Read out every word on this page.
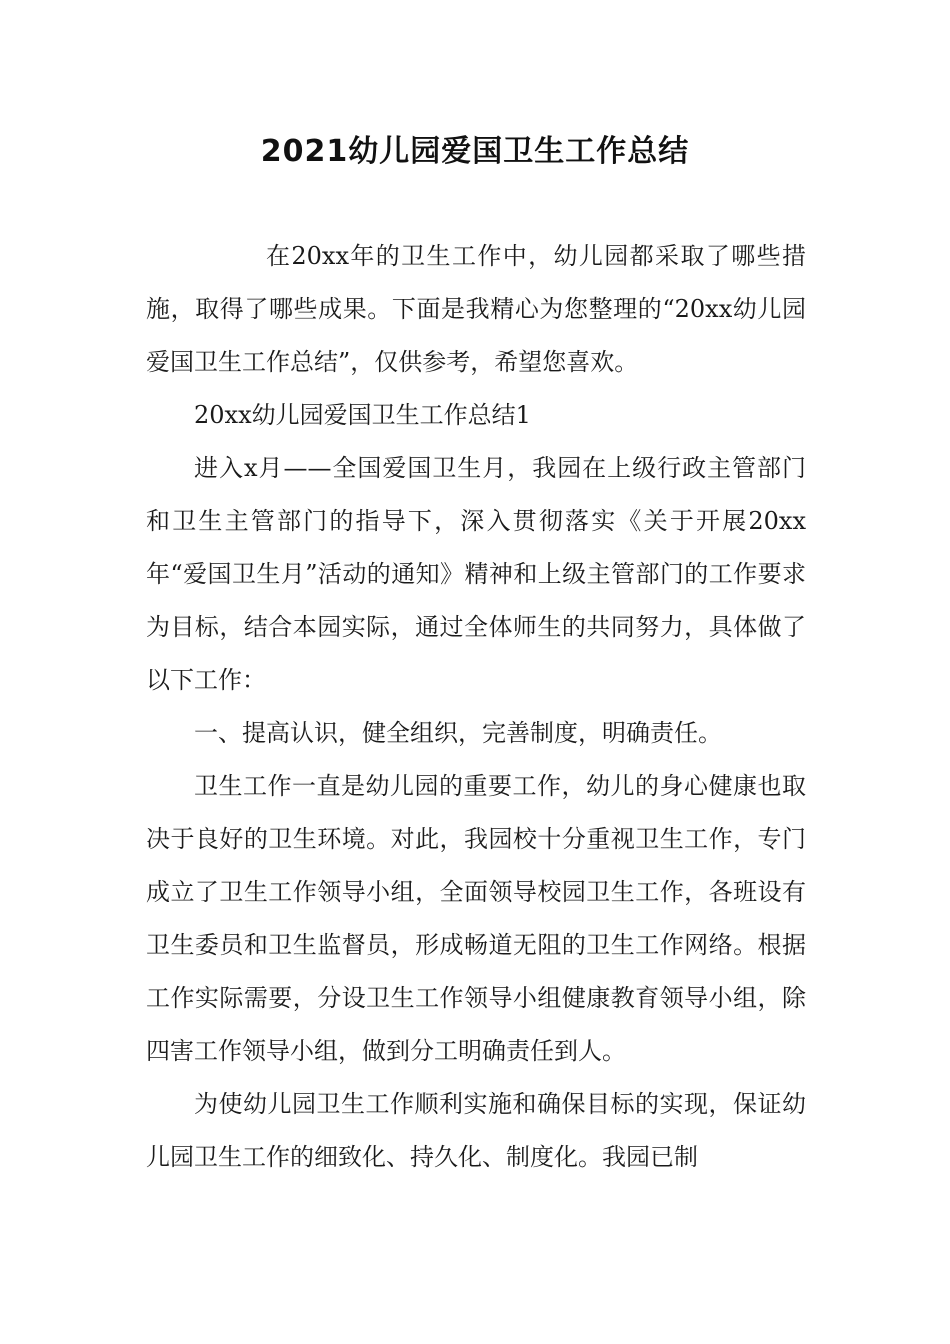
2021幼儿园爱国卫生工作总结

在20xx年的卫生工作中，幼儿园都采取了哪些措施，取得了哪些成果。下面是我精心为您整理的“20xx幼儿园爱国卫生工作总结”，仅供参考，希望您喜欢。

20xx幼儿园爱国卫生工作总结1

进入x月——全国爱国卫生月，我园在上级行政主管部门和卫生主管部门的指导下，深入贯彻落实《关于开展20xx年“爱国卫生月”活动的通知》精神和上级主管部门的工作要求为目标，结合本园实际，通过全体师生的共同努力，具体做了以下工作：

一、提高认识，健全组织，完善制度，明确责任。

卫生工作一直是幼儿园的重要工作，幼儿的身心健康也取决于良好的卫生环境。对此，我园校十分重视卫生工作，专门成立了卫生工作领导小组，全面领导校园卫生工作，各班设有卫生委员和卫生监督员，形成畅道无阻的卫生工作网络。根据工作实际需要，分设卫生工作领导小组健康教育领导小组，除四害工作领导小组，做到分工明确责任到人。

为使幼儿园卫生工作顺利实施和确保目标的实现，保证幼儿园卫生工作的细致化、持久化、制度化。我园已制
